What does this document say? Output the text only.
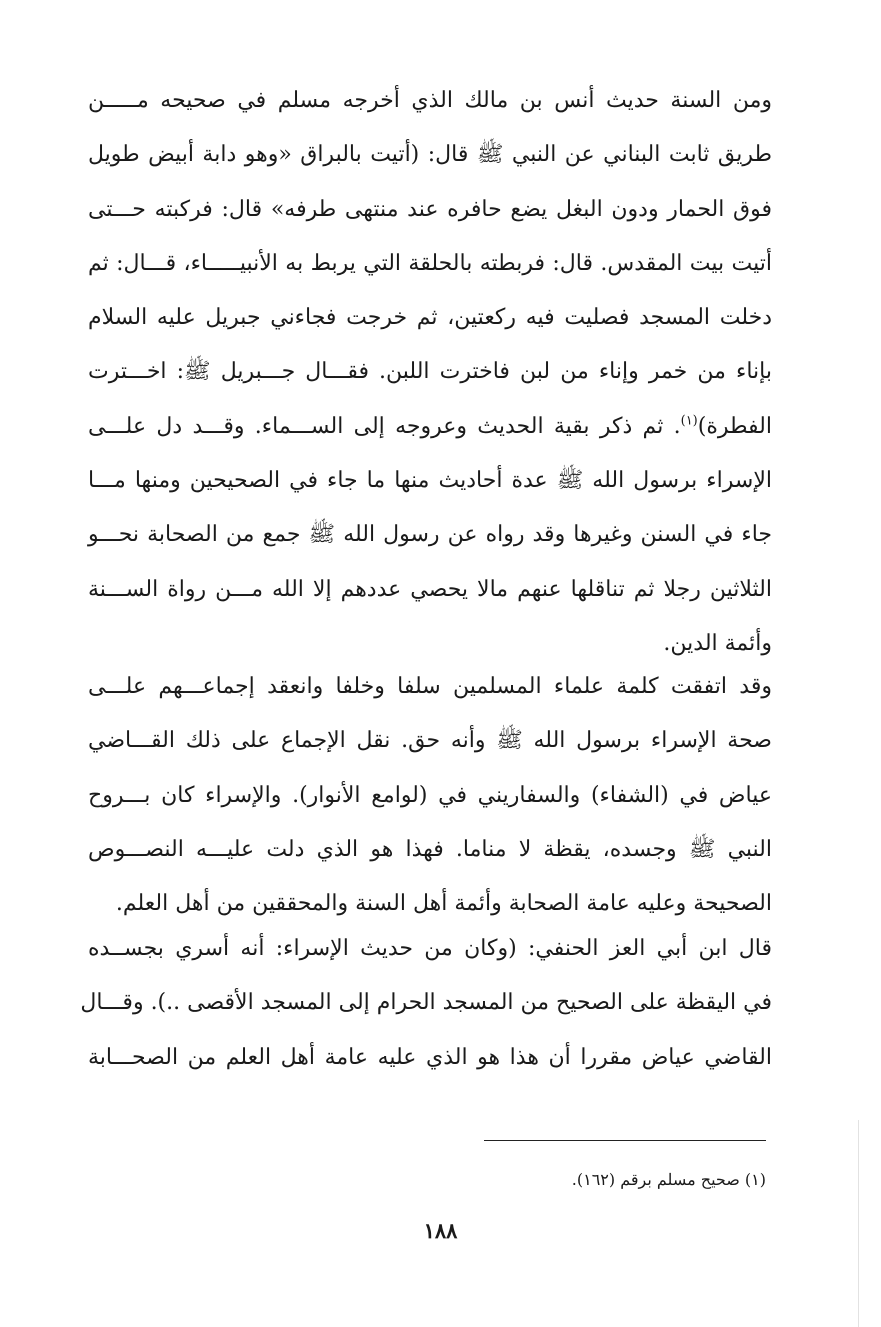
ومن السنة حديث أنس بن مالك الذي أخرجه مسلم في صحيحه مـــــن
طريق ثابت البناني عن النبي ﷺ قال: (أتيت بالبراق «وهو دابة أبيض طويل
فوق الحمار ودون البغل يضع حافره عند منتهى طرفه» قال: فركبته حـــتى
أتيت بيت المقدس. قال: فربطته بالحلقة التي يربط به الأنبيـــــاء، قـــال: ثم
دخلت المسجد فصليت فيه ركعتين، ثم خرجت فجاءني جبريل عليه السلام
بإناء من خمر وإناء من لبن فاخترت اللبن. فقـــال جـــبريل ﷺ: اخـــترت
الفطرة)$^{(١)}$. ثم ذكر بقية الحديث وعروجه إلى الســـماء. وقـــد دل علـــى
الإسراء برسول الله ﷺ عدة أحاديث منها ما جاء في الصحيحين ومنها مـــا
جاء في السنن وغيرها وقد رواه عن رسول الله ﷺ جمع من الصحابة نحـــو
الثلاثين رجلا ثم تناقلها عنهم مالا يحصي عددهم إلا الله مـــن رواة الســـنة
وأئمة الدين.
وقد اتفقت كلمة علماء المسلمين سلفا وخلفا وانعقد إجماعـــهم علـــى
صحة الإسراء برسول الله ﷺ وأنه حق. نقل الإجماع على ذلك القـــاضي
عياض في (الشفاء) والسفاريني في (لوامع الأنوار). والإسراء كان بـــروح
النبي ﷺ وجسده، يقظة لا مناما. فهذا هو الذي دلت عليـــه النصـــوص
الصحيحة وعليه عامة الصحابة وأئمة أهل السنة والمحققين من أهل العلم.
قال ابن أبي العز الحنفي: (وكان من حديث الإسراء: أنه أسري بجســده
في اليقظة على الصحيح من المسجد الحرام إلى المسجد الأقصى ..). وقـــال
القاضي عياض مقررا أن هذا هو الذي عليه عامة أهل العلم من الصحـــابة
(١) صحيح مسلم برقم (١٦٢).
١٨٨
